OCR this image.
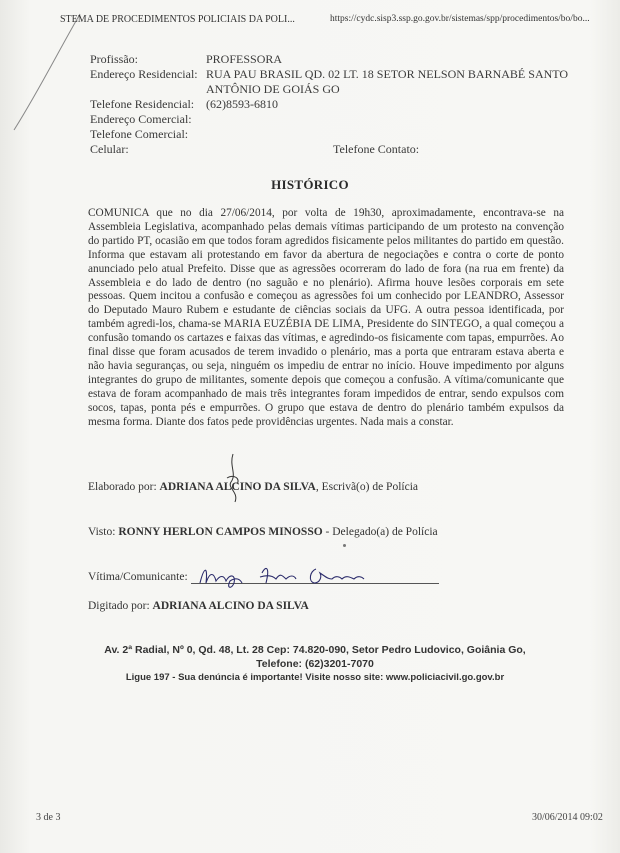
STEMA DE PROCEDIMENTOS POLICIAIS DA POLI...	https://cydc.sisp3.ssp.go.gov.br/sistemas/spp/procedimentos/bo/bo...
Profissão:	PROFESSORA
Endereço Residencial: RUA PAU BRASIL QD. 02 LT. 18 SETOR NELSON BARNABÉ SANTO
ANTÔNIO DE GOIÁS GO
Telefone Residencial: (62)8593-6810
Endereço Comercial:
Telefone Comercial:
Celular:	Telefone Contato:
HISTÓRICO
COMUNICA que no dia 27/06/2014, por volta de 19h30, aproximadamente, encontrava-se na Assembleia Legislativa, acompanhado pelas demais vítimas participando de um protesto na convenção do partido PT, ocasião em que todos foram agredidos fisicamente pelos militantes do partido em questão. Informa que estavam ali protestando em favor da abertura de negociações e contra o corte de ponto anunciado pelo atual Prefeito. Disse que as agressões ocorreram do lado de fora (na rua em frente) da Assembleia e do lado de dentro (no saguão e no plenário). Afirma houve lesões corporais em sete pessoas. Quem incitou a confusão e começou as agressões foi um conhecido por LEANDRO, Assessor do Deputado Mauro Rubem e estudante de ciências sociais da UFG. A outra pessoa identificada, por também agredi-los, chama-se MARIA EUZÉBIA DE LIMA, Presidente do SINTEGO, a qual começou a confusão tomando os cartazes e faixas das vítimas, e agredindo-os fisicamente com tapas, empurrões. Ao final disse que foram acusados de terem invadido o plenário, mas a porta que entraram estava aberta e não havia seguranças, ou seja, ninguém os impediu de entrar no início. Houve impedimento por alguns integrantes do grupo de militantes, somente depois que começou a confusão. A vítima/comunicante que estava de foram acompanhado de mais três integrantes foram impedidos de entrar, sendo expulsos com socos, tapas, ponta pés e empurrões. O grupo que estava de dentro do plenário também expulsos da mesma forma. Diante dos fatos pede providências urgentes. Nada mais a constar.
Elaborado por: ADRIANA ALCINO DA SILVA, Escrivã(o) de Polícia
Visto: RONNY HERLON CAMPOS MINOSSO - Delegado(a) de Polícia
Vítima/Comunicante:
Digitado por: ADRIANA ALCINO DA SILVA
Av. 2ª Radial, Nº 0, Qd. 48, Lt. 28 Cep: 74.820-090, Setor Pedro Ludovico, Goiânia Go,
Telefone: (62)3201-7070
Ligue 197 - Sua denúncia é importante! Visite nosso site: www.policiacivil.go.gov.br
3 de 3	30/06/2014 09:02
